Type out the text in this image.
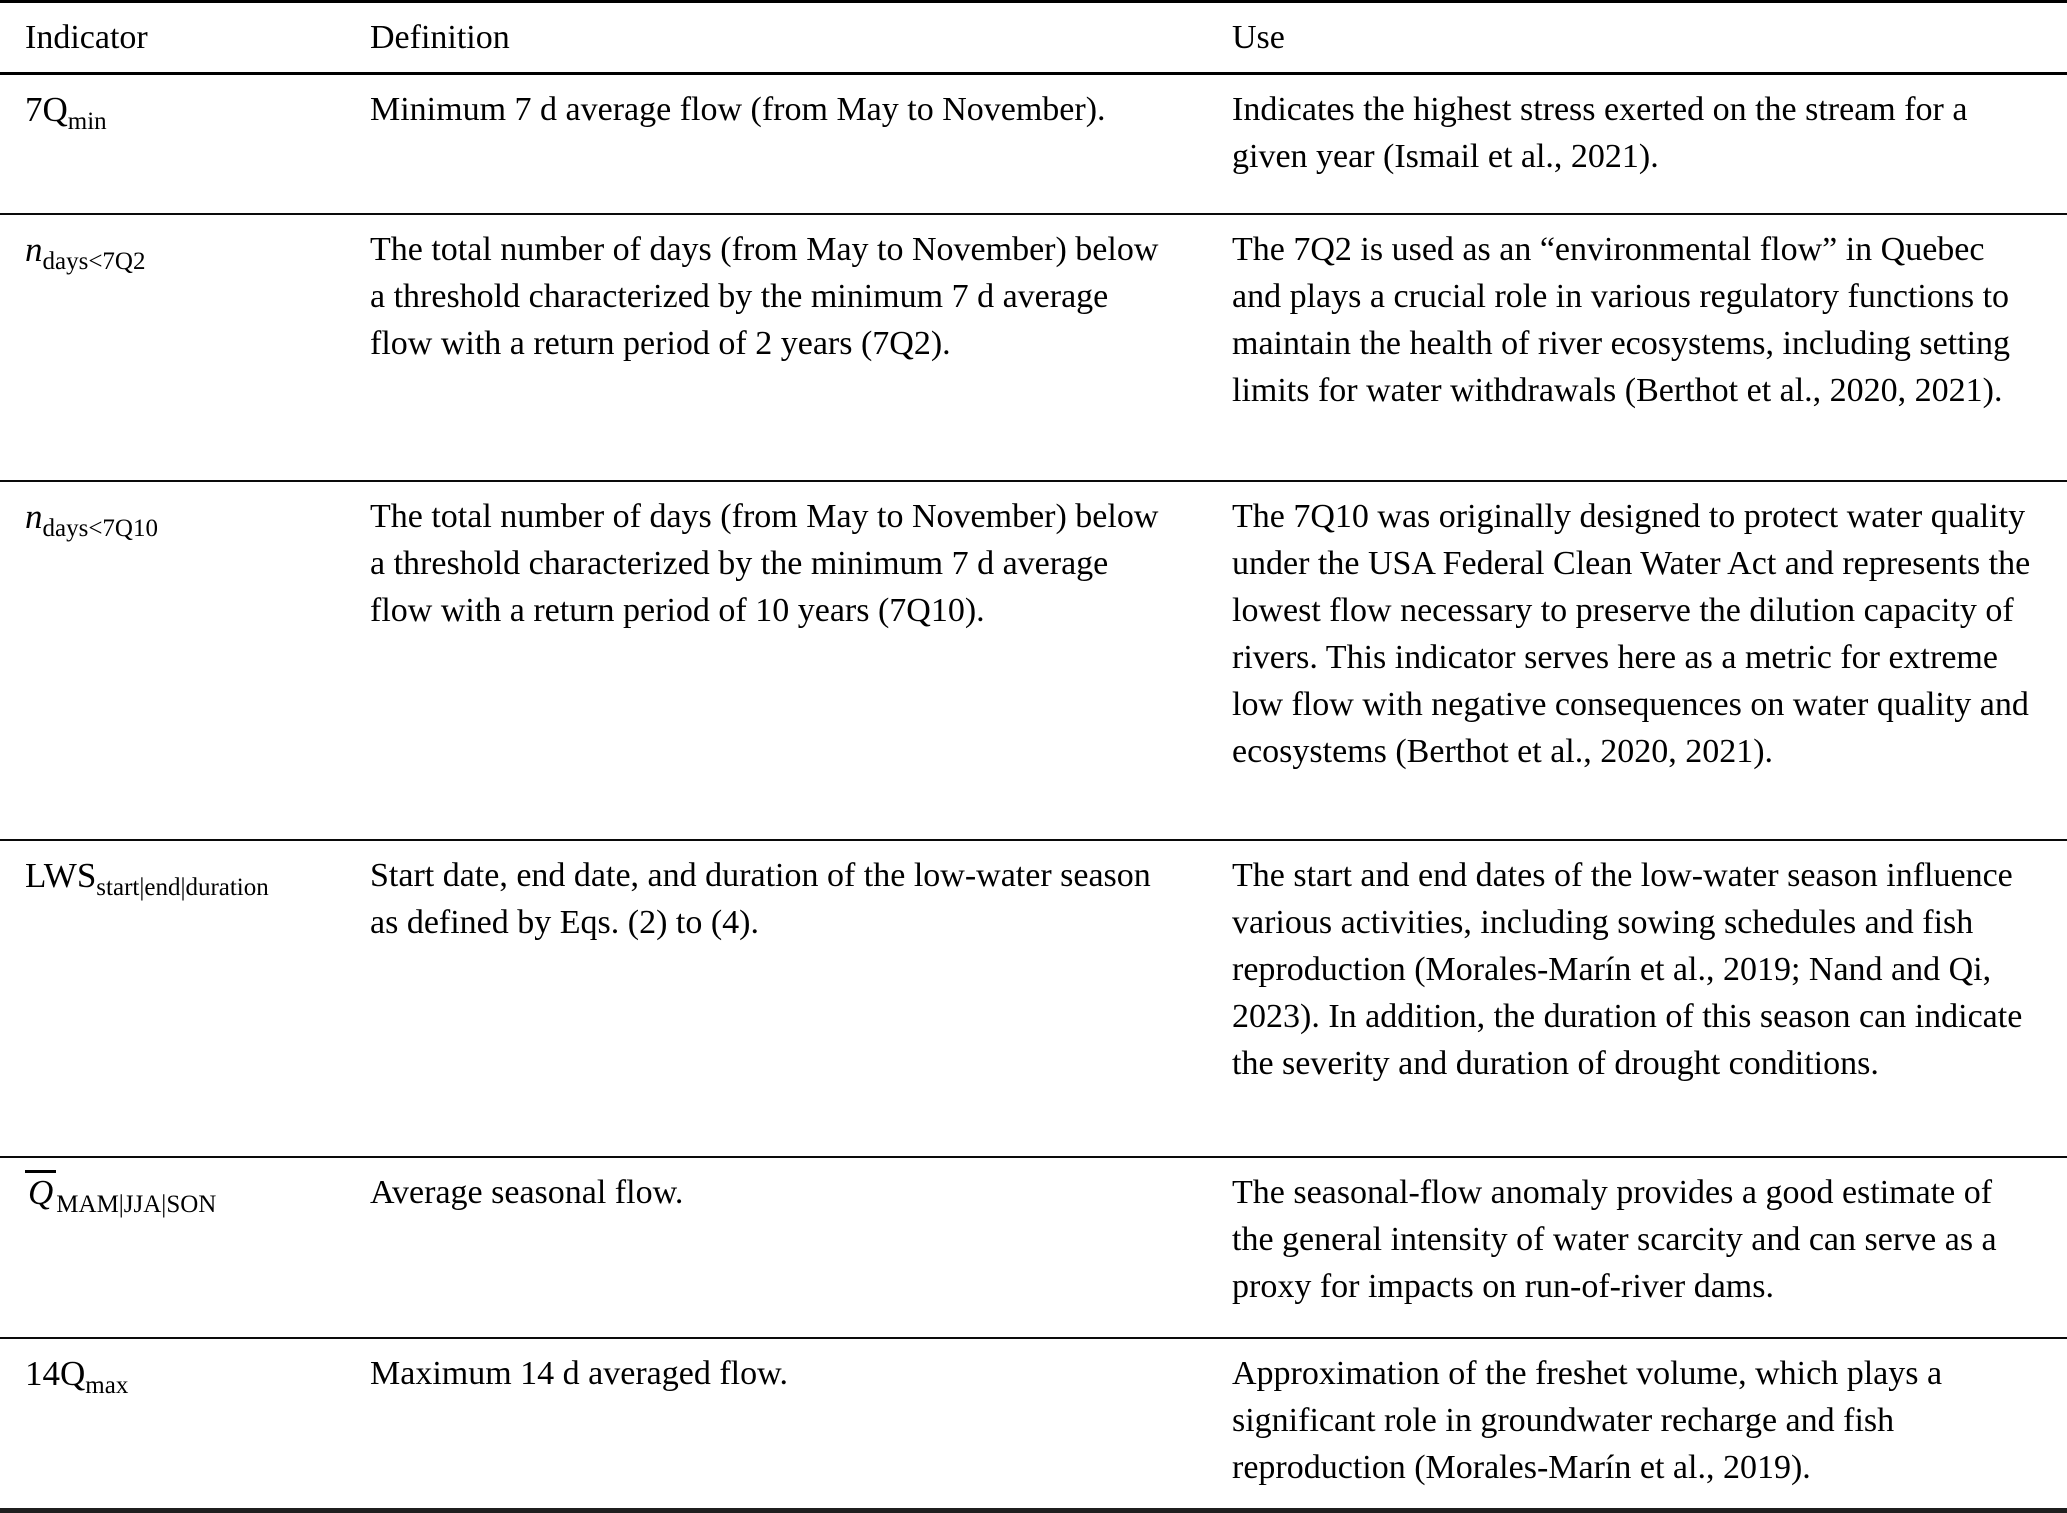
Indicator	Definition	Use
$7Q_{min}$	Minimum 7 d average flow (from May to November).	Indicates the highest stress exerted on the stream for a given year (Ismail et al., 2021).
$n_{days<7Q2}$	The total number of days (from May to November) below a threshold characterized by the minimum 7 d average flow with a return period of 2 years (7Q2).	The 7Q2 is used as an “environmental flow” in Quebec and plays a crucial role in various regulatory functions to maintain the health of river ecosystems, including setting limits for water withdrawals (Berthot et al., 2020, 2021).
$n_{days<7Q10}$	The total number of days (from May to November) below a threshold characterized by the minimum 7 d average flow with a return period of 10 years (7Q10).	The 7Q10 was originally designed to protect water quality under the USA Federal Clean Water Act and represents the lowest flow necessary to preserve the dilution capacity of rivers. This indicator serves here as a metric for extreme low flow with negative consequences on water quality and ecosystems (Berthot et al., 2020, 2021).
$LWS_{start|end|duration}$	Start date, end date, and duration of the low-water season as defined by Eqs. (2) to (4).	The start and end dates of the low-water season influence various activities, including sowing schedules and fish reproduction (Morales-Marín et al., 2019; Nand and Qi, 2023). In addition, the duration of this season can indicate the severity and duration of drought conditions.
Q $_{MAM|JJA|SON}$	Average seasonal flow.	The seasonal-flow anomaly provides a good estimate of the general intensity of water scarcity and can serve as a proxy for impacts on run-of-river dams.
$14Q_{max}$	Maximum 14 d averaged flow.	Approximation of the freshet volume, which plays a significant role in groundwater recharge and fish reproduction (Morales-Marín et al., 2019).
